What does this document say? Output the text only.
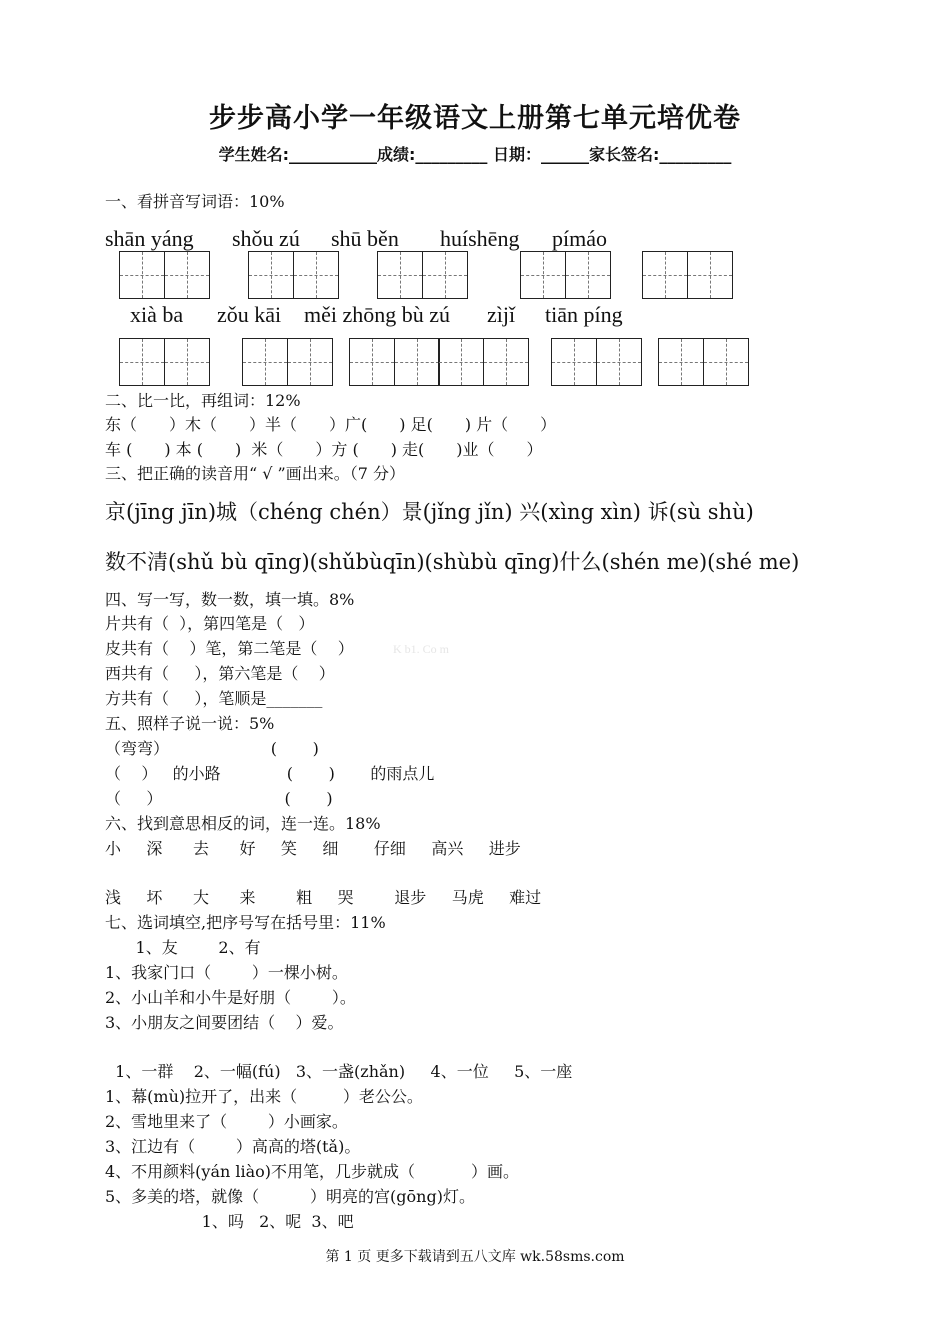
步步高小学一年级语文上册第七单元培优卷
学生姓名:___________成绩:_________ 日期：______家长签名:_________
一、看拼音写词语：10%
shān yáng shǒu zú shū běn huíshēng pímáo
xià ba zǒu kāi měi zhōng bù zú zìjǐ tiān píng
二、比一比，再组词：12%
东（　　）木（　　）半（　　）广(　　) 足(　　) 片（　　）
车 (　　) 本 (　　)  米（　　）方 (　　) 走(　　)业（　　）
三、把正确的读音用“ √ ”画出来。（7 分）
京(jīng jīn)城（chéng chén）景(jǐng jǐn) 兴(xìng xìn) 诉(sù shù)
数不清(shǔ bù qīng)(shǔbùqīn)(shùbù qīng)什么(shén me)(shé me)
四、写一写，数一数，填一填。8%
片共有（  ），第四笔是（   ）
皮共有（    ）笔，第二笔是（    ）	K b1. Co m
西共有（     ），第六笔是（    ）
方共有（     ），笔顺是_______
五、照样子说一说：5%
（弯弯）                    (       )
（    ）   的小路             (       )       的雨点儿
（     ）                        (       )
六、找到意思相反的词，连一连。18%
小     深      去      好     笑     细       仔细     高兴     进步
浅     坏      大      来        粗     哭        退步     马虎     难过
七、选词填空,把序号写在括号里：11%
1、友        2、有
1、我家门口（        ）一棵小树。
2、小山羊和小牛是好朋（        ）。
3、小朋友之间要团结（    ）爱。
1、一群    2、一幅(fú)   3、一盏(zhǎn)     4、一位     5、一座
1、幕(mù)拉开了，出来（         ）老公公。
2、雪地里来了（        ）小画家。
3、江边有（        ）高高的塔(tǎ)。
4、不用颜料(yán liào)不用笔，几步就成（           ）画。
5、多美的塔，就像（          ）明亮的宫(gōng)灯。
1、吗   2、呢  3、吧
第 1 页 更多下载请到五八文库 wk.58sms.com
